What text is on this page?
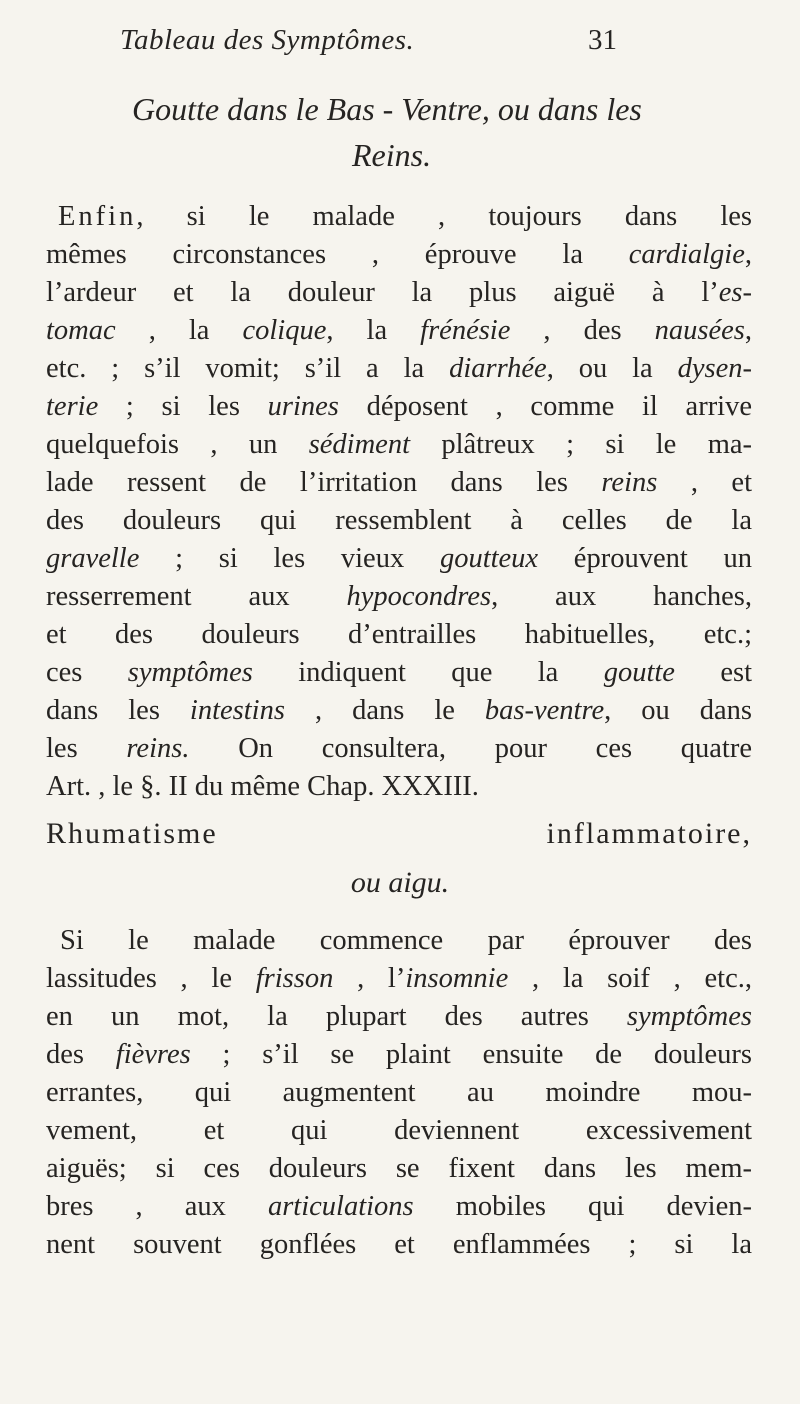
Tableau des Symptômes.	31
Goutte dans le Bas - Ventre, ou dans les
Reins.
Enfin, si le malade , toujours dans les
mêmes circonstances , éprouve la cardialgie,
l’ardeur et la douleur la plus aiguë à l’es-
tomac , la colique, la frénésie , des nausées,
etc. ; s’il vomit; s’il a la diarrhée, ou la dysen-
terie ; si les urines déposent , comme il arrive
quelquefois , un sédiment plâtreux ; si le ma-
lade ressent de l’irritation dans les reins , et
des douleurs qui ressemblent à celles de la
gravelle ; si les vieux goutteux éprouvent un
resserrement aux hypocondres, aux hanches,
et des douleurs d’entrailles habituelles, etc.;
ces symptômes indiquent que la goutte est
dans les intestins , dans le bas-ventre, ou dans
les reins. On consultera, pour ces quatre
Art. , le §. II du même Chap. XXXIII.
Rhumatisme inflammatoire,
ou aigu.
Si le malade commence par éprouver des
lassitudes , le frisson , l’insomnie , la soif , etc.,
en un mot, la plupart des autres symptômes
des fièvres ; s’il se plaint ensuite de douleurs
errantes, qui augmentent au moindre mou-
vement, et qui deviennent excessivement
aiguës; si ces douleurs se fixent dans les mem-
bres , aux articulations mobiles qui devien-
nent souvent gonflées et enflammées ; si la
